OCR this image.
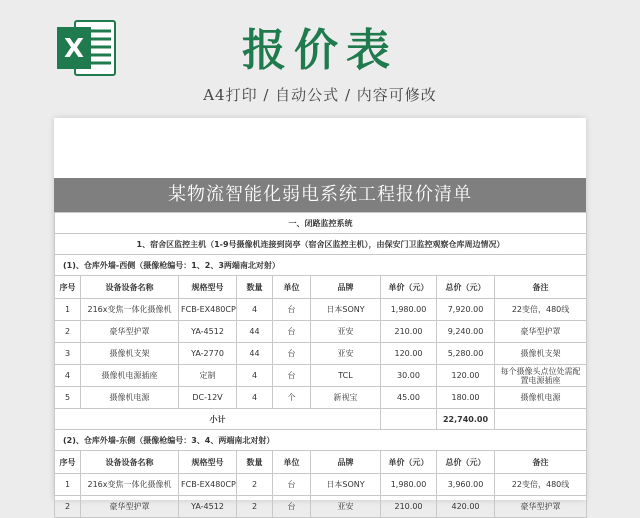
X	报价表
A4打印 / 自动公式 / 内容可修改
某物流智能化弱电系统工程报价清单
一、闭路监控系统								
1、宿舍区监控主机（1-9号摄像机连接到岗亭（宿舍区监控主机），由保安门卫监控观察仓库周边情况）								
(1)、仓库外墙-西侧（摄像枪编号：1、2、3两端南北对射）								
序号	设备设备名称	规格型号	数量	单位	品牌	单价（元）	总价（元）	备注
1	216x变焦一体化摄像机	FCB-EX480CP	4	台	日本SONY	1,980.00	7,920.00	22变倍，480线
2	豪华型护罩	YA-4512	44	台	亚安	210.00	9,240.00	豪华型护罩
3	摄像机支架	YA-2770	44	台	亚安	120.00	5,280.00	摄像机支架
4	摄像机电源插座	定制	4	台	TCL	30.00	120.00	每个摄像头点位处需配置电源插座
5	摄像机电源	DC-12V	4	个	新视宝	45.00	180.00	摄像机电源
小计							22,740.00	
(2)、仓库外墙-东侧（摄像枪编号：3、4、两端南北对射）								
序号	设备设备名称	规格型号	数量	单位	品牌	单价（元）	总价（元）	备注
1	216x变焦一体化摄像机	FCB-EX480CP	2	台	日本SONY	1,980.00	3,960.00	22变倍，480线
2	豪华型护罩	YA-4512	2	台	亚安	210.00	420.00	豪华型护罩
